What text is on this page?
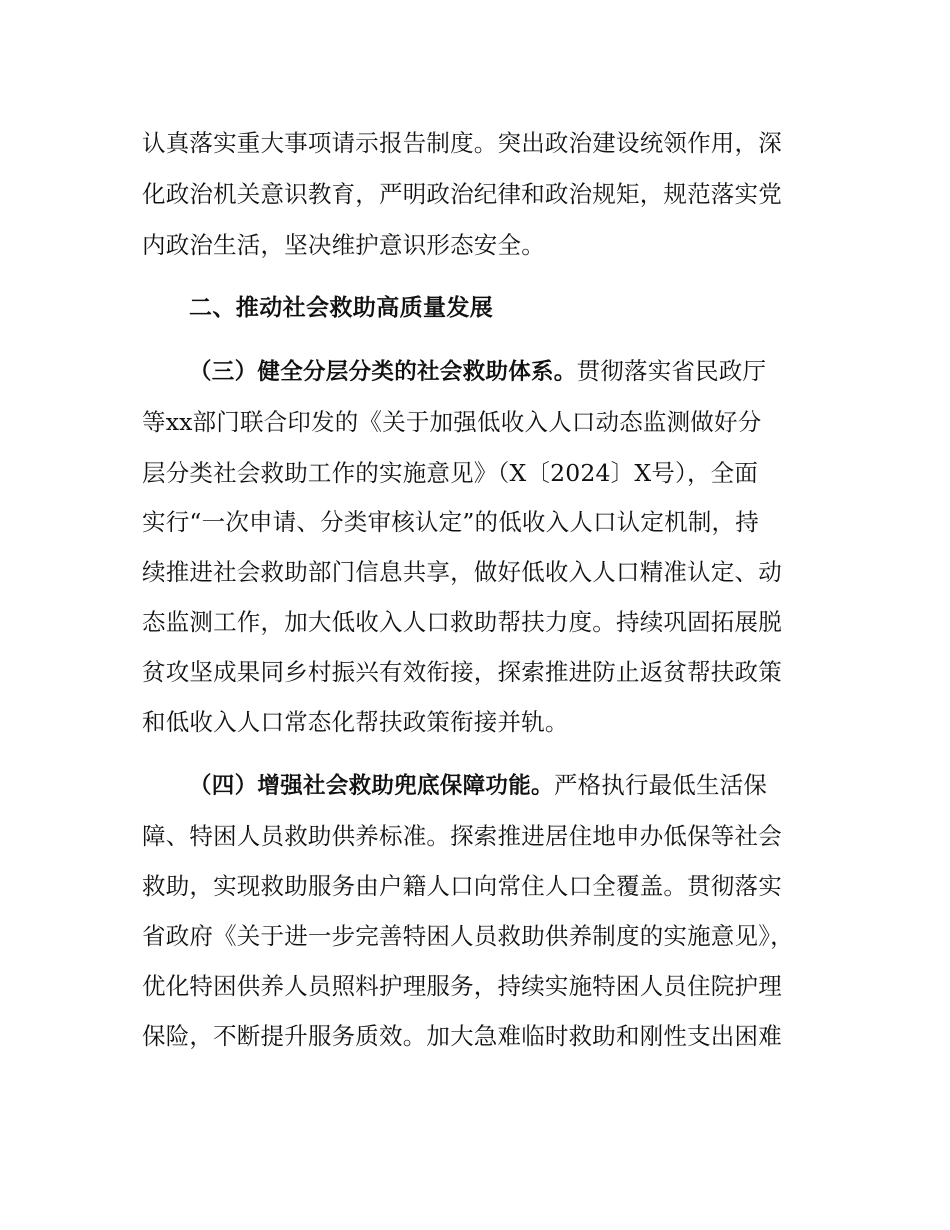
认真落实重大事项请示报告制度。突出政治建设统领作用，深
化政治机关意识教育，严明政治纪律和政治规矩，规范落实党
内政治生活，坚决维护意识形态安全。
二、推动社会救助高质量发展
（三）健全分层分类的社会救助体系。贯彻落实省民政厅
等xx部门联合印发的《关于加强低收入人口动态监测做好分
层分类社会救助工作的实施意见》（X〔2024〕X号），全面
实行“一次申请、分类审核认定”的低收入人口认定机制，持
续推进社会救助部门信息共享，做好低收入人口精准认定、动
态监测工作，加大低收入人口救助帮扶力度。持续巩固拓展脱
贫攻坚成果同乡村振兴有效衔接，探索推进防止返贫帮扶政策
和低收入人口常态化帮扶政策衔接并轨。
（四）增强社会救助兜底保障功能。严格执行最低生活保
障、特困人员救助供养标准。探索推进居住地申办低保等社会
救助，实现救助服务由户籍人口向常住人口全覆盖。贯彻落实
省政府《关于进一步完善特困人员救助供养制度的实施意见》，
优化特困供养人员照料护理服务，持续实施特困人员住院护理
保险，不断提升服务质效。加大急难临时救助和刚性支出困难
